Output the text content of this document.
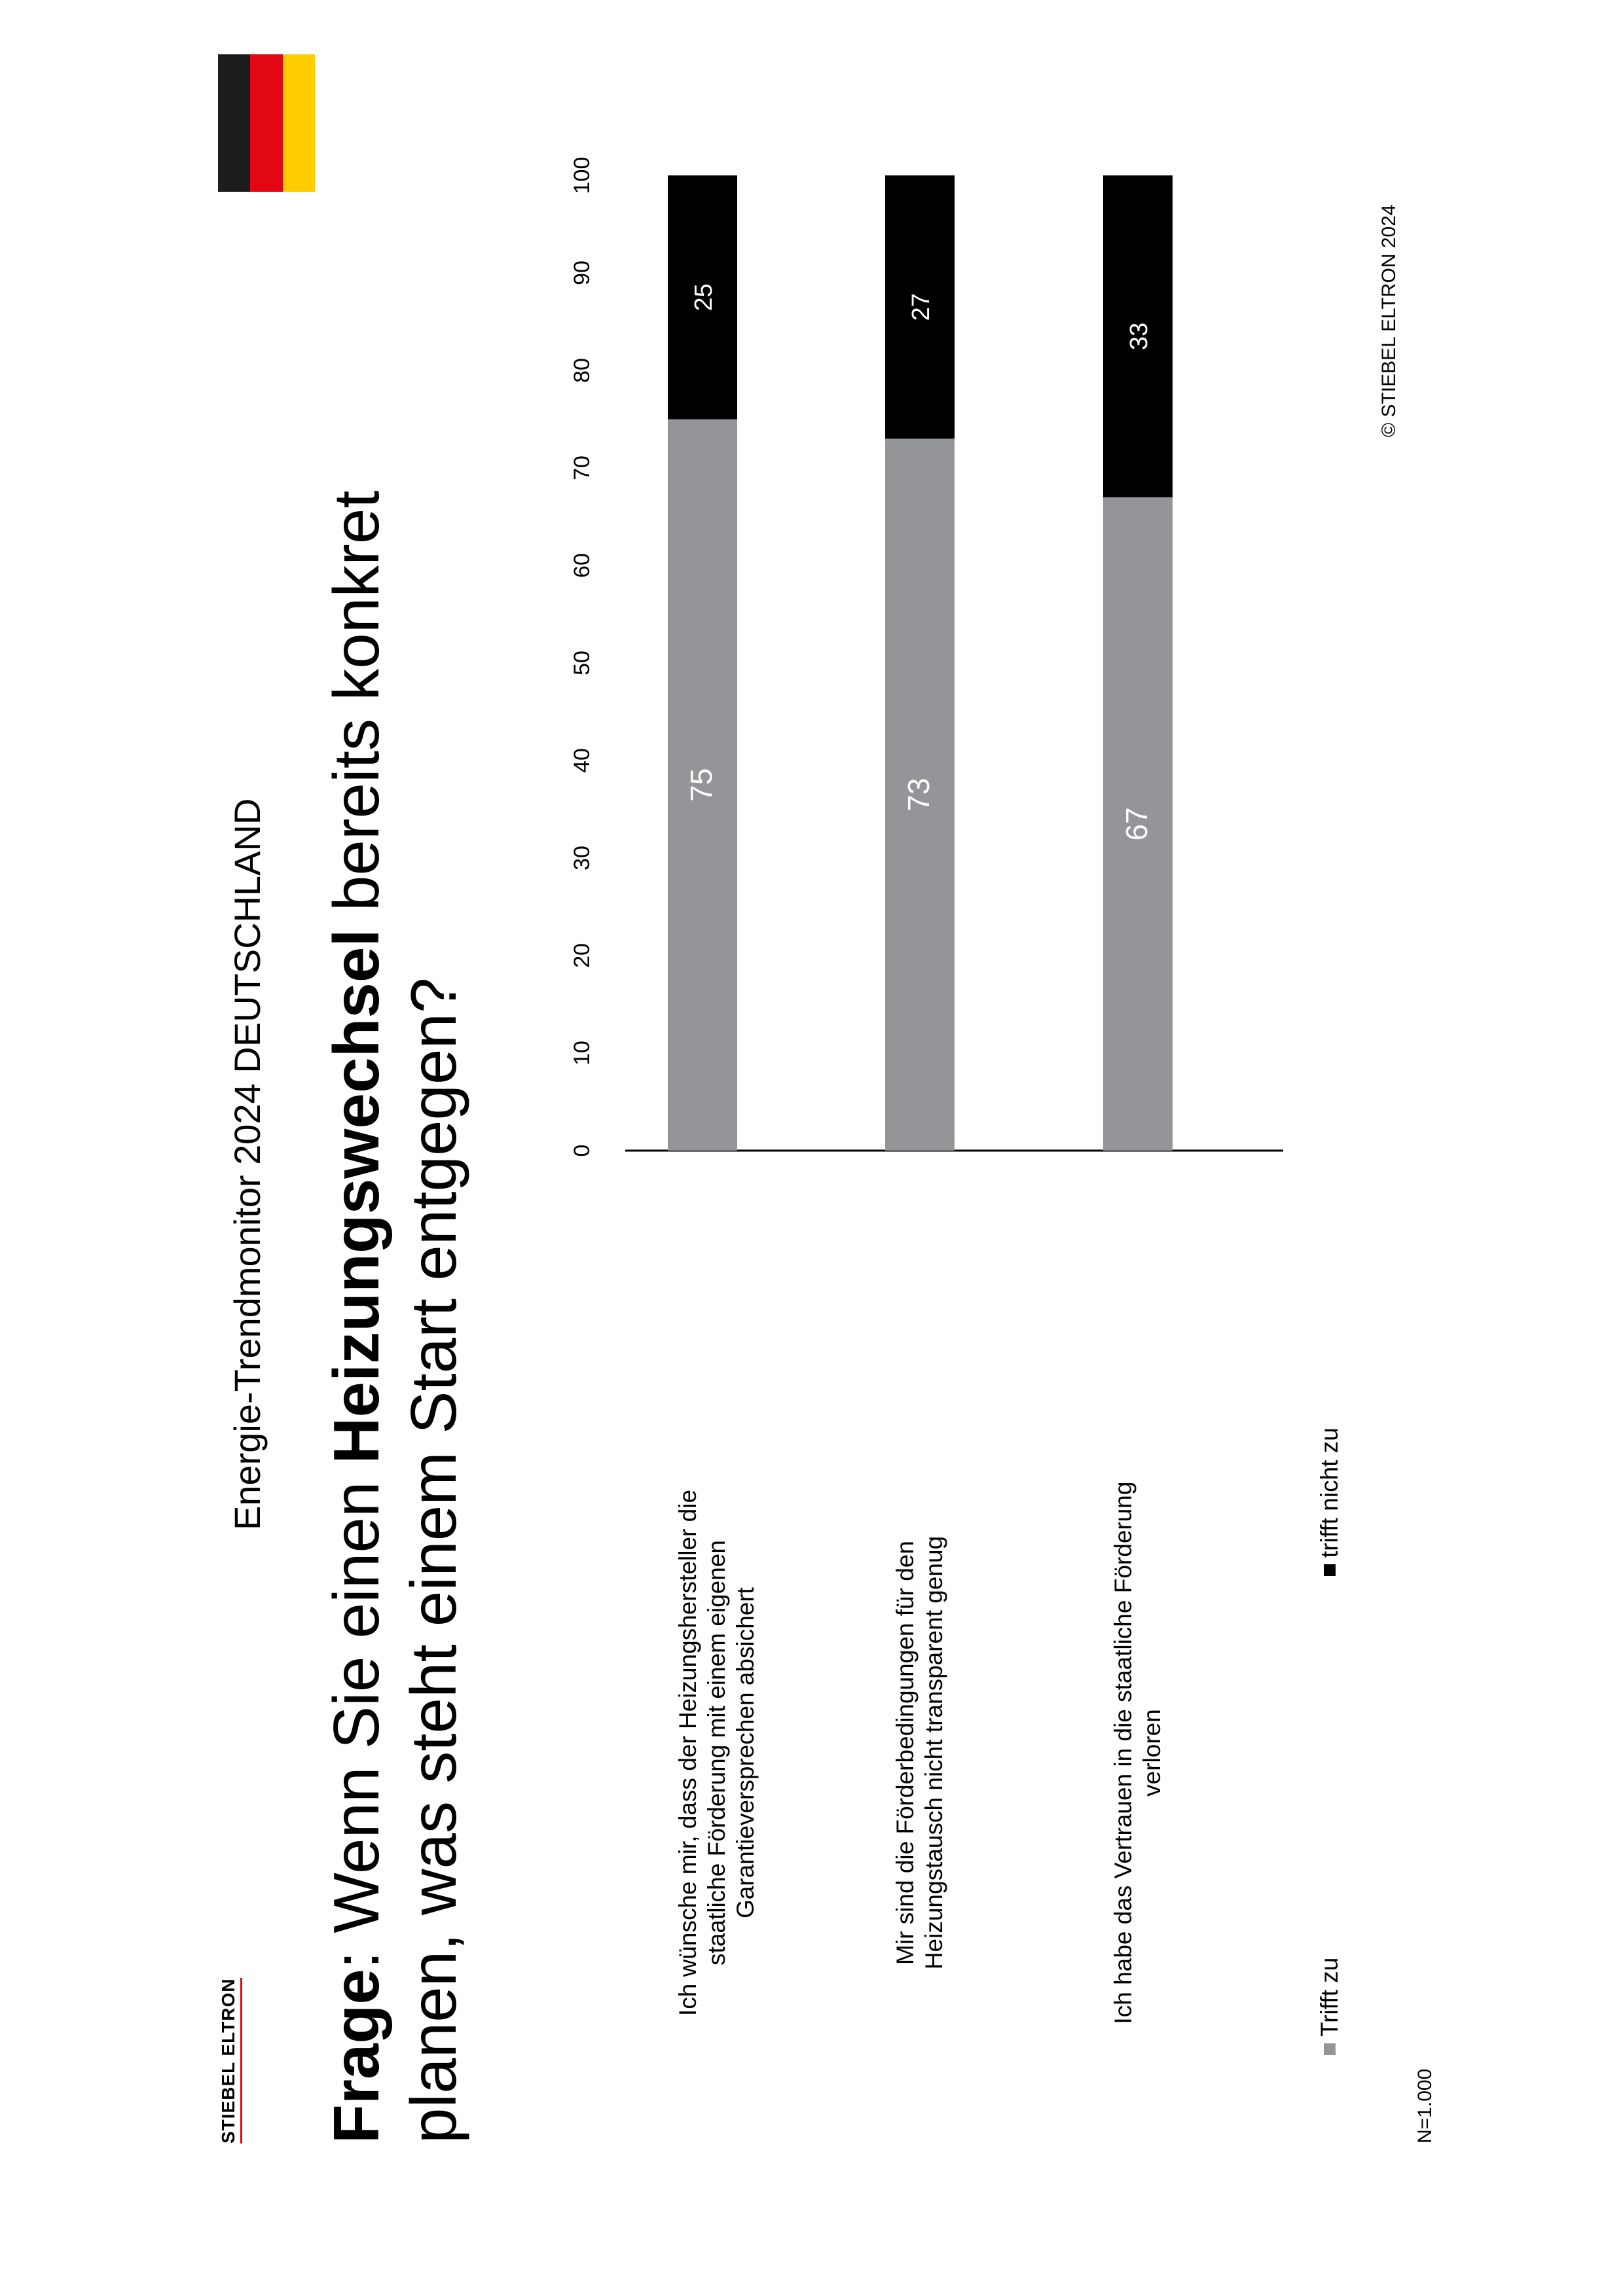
STIEBEL ELTRON
Energie-Trendmonitor 2024 DEUTSCHLAND
Frage: Wenn Sie einen Heizungswechsel bereits konkret planen, was steht einem Start entgegen?	0
10
20
30
40
50
60
70
80
90
100
75
25
73
27
67
33
Ich wünsche mir, dass der Heizungshersteller die staatliche Förderung mit einem eigenen Garantieversprechen absichert	Mir sind die Förderbedingungen für den Heizungstausch nicht transparent genug	Ich habe das Vertrauen in die staatliche Förderung verloren
Trifft zu
trifft nicht zu
N=1.000
© STIEBEL ELTRON 2024
